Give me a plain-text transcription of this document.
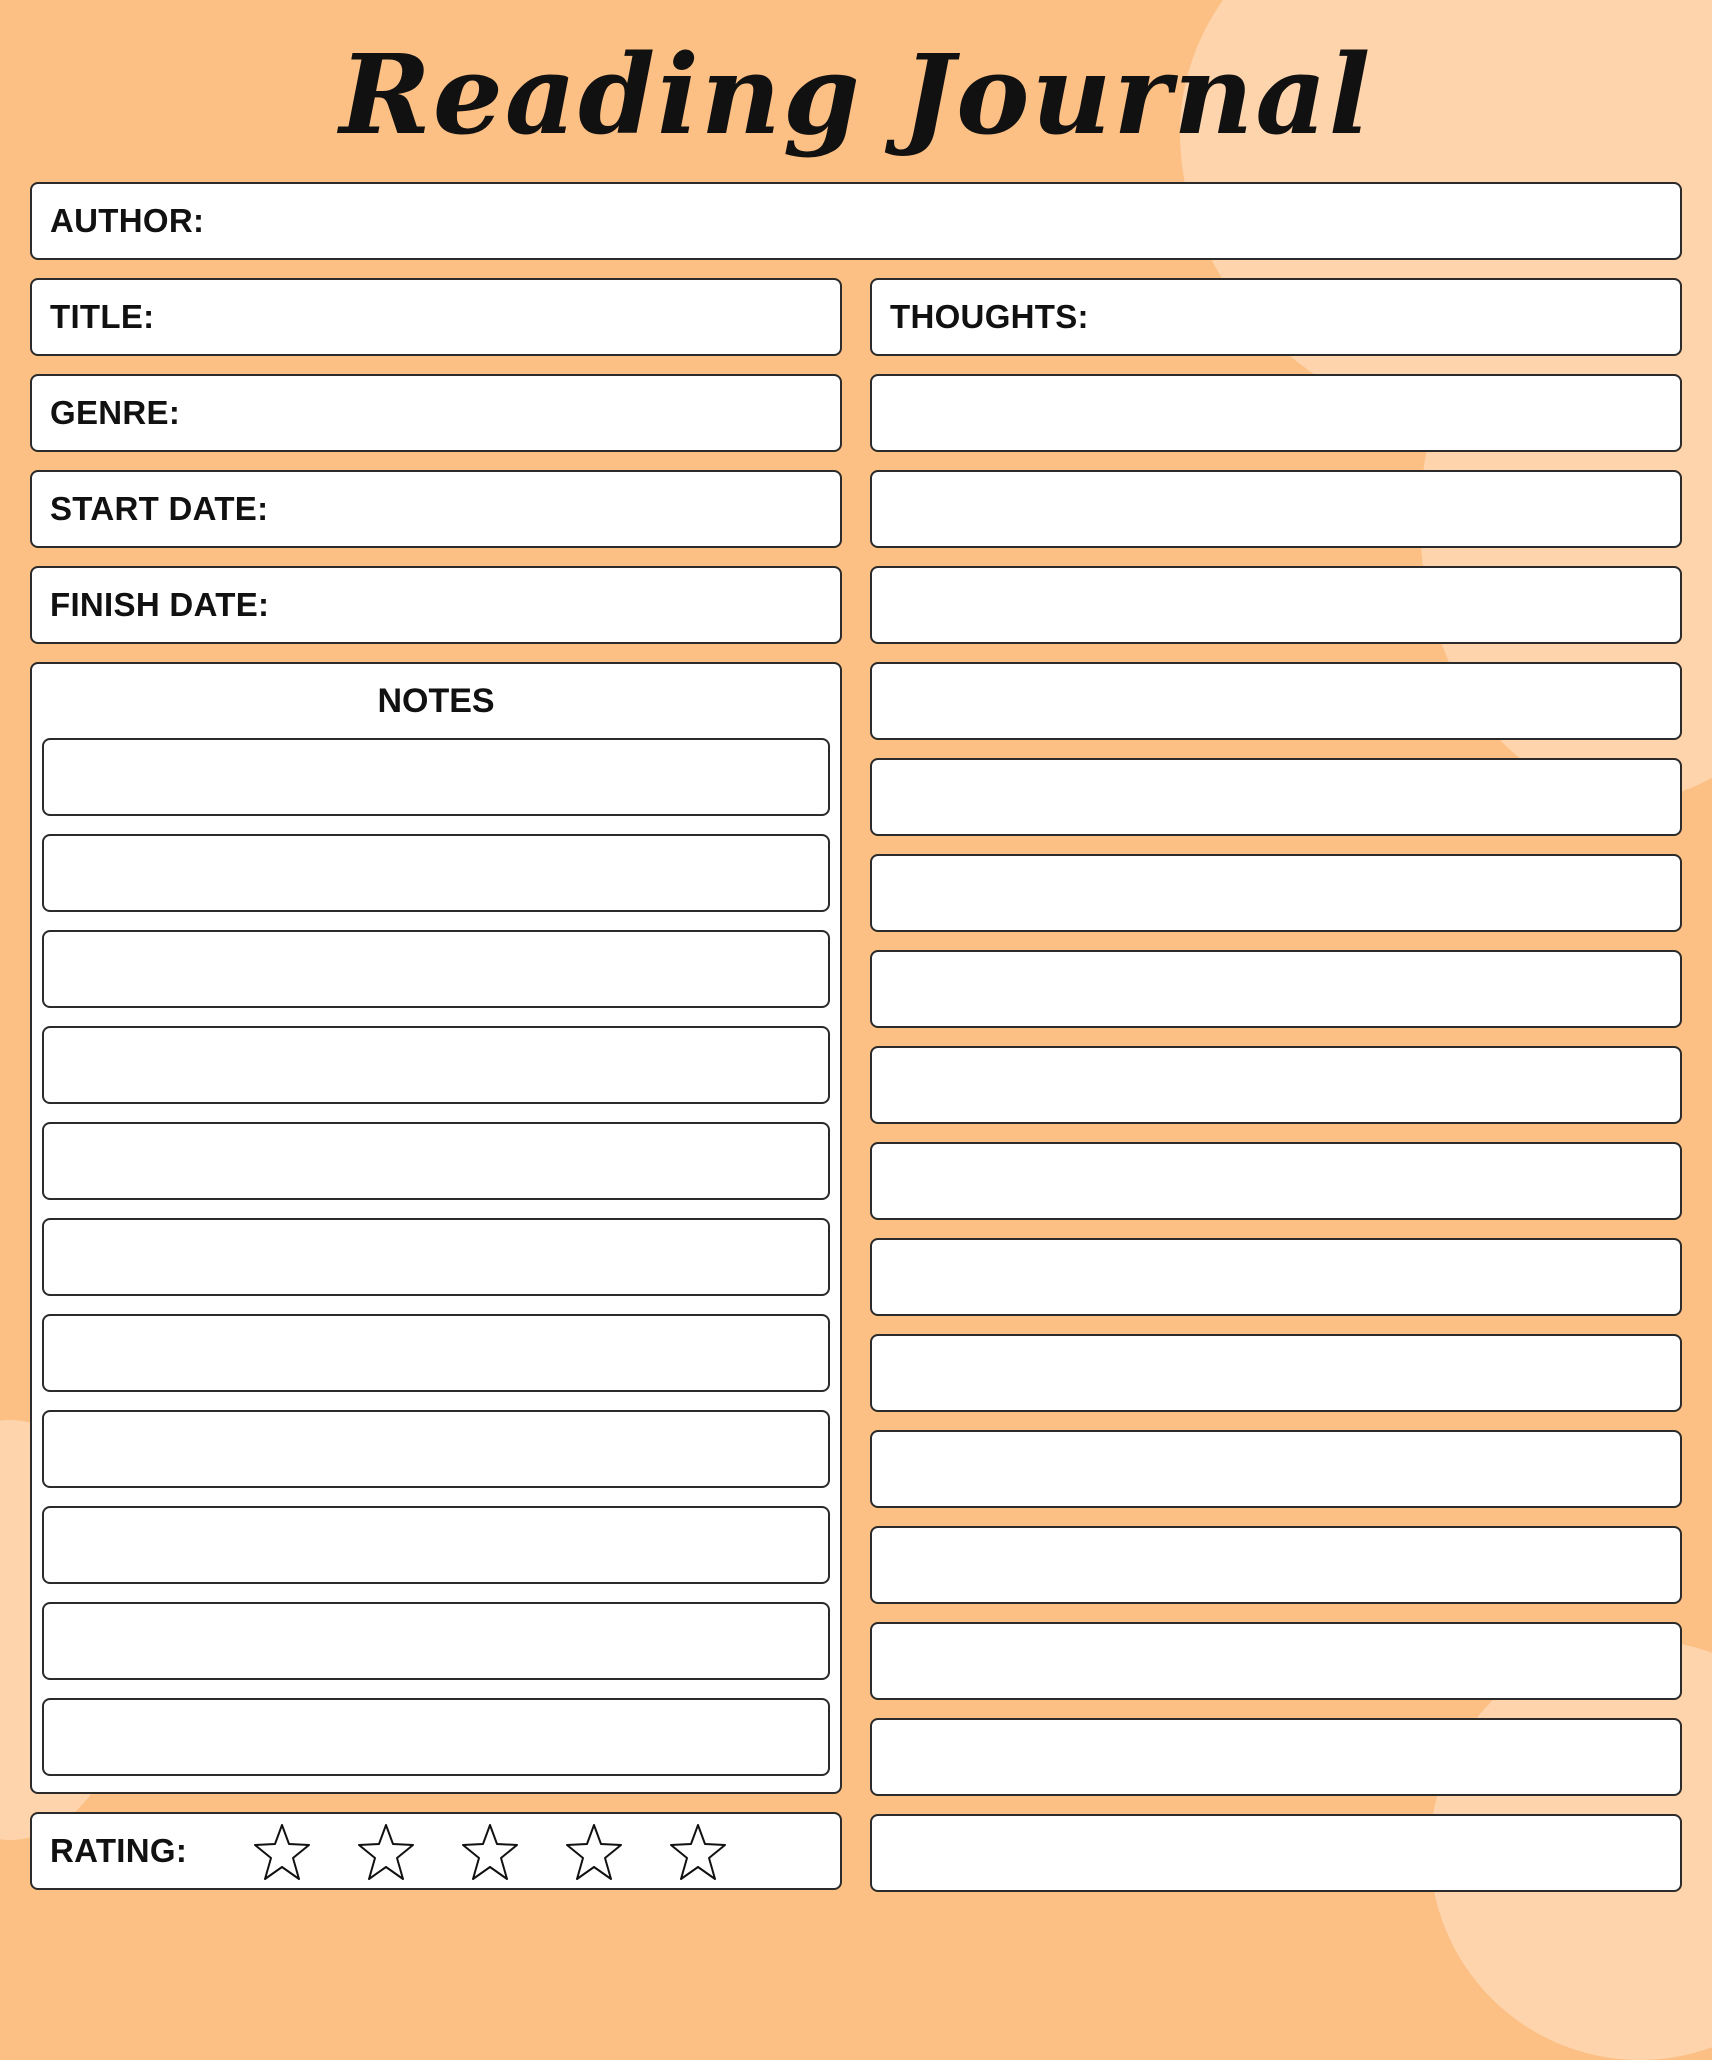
Reading Journal
AUTHOR:
TITLE:
GENRE:
START DATE:
FINISH DATE:
NOTES
RATING:
THOUGHTS:
